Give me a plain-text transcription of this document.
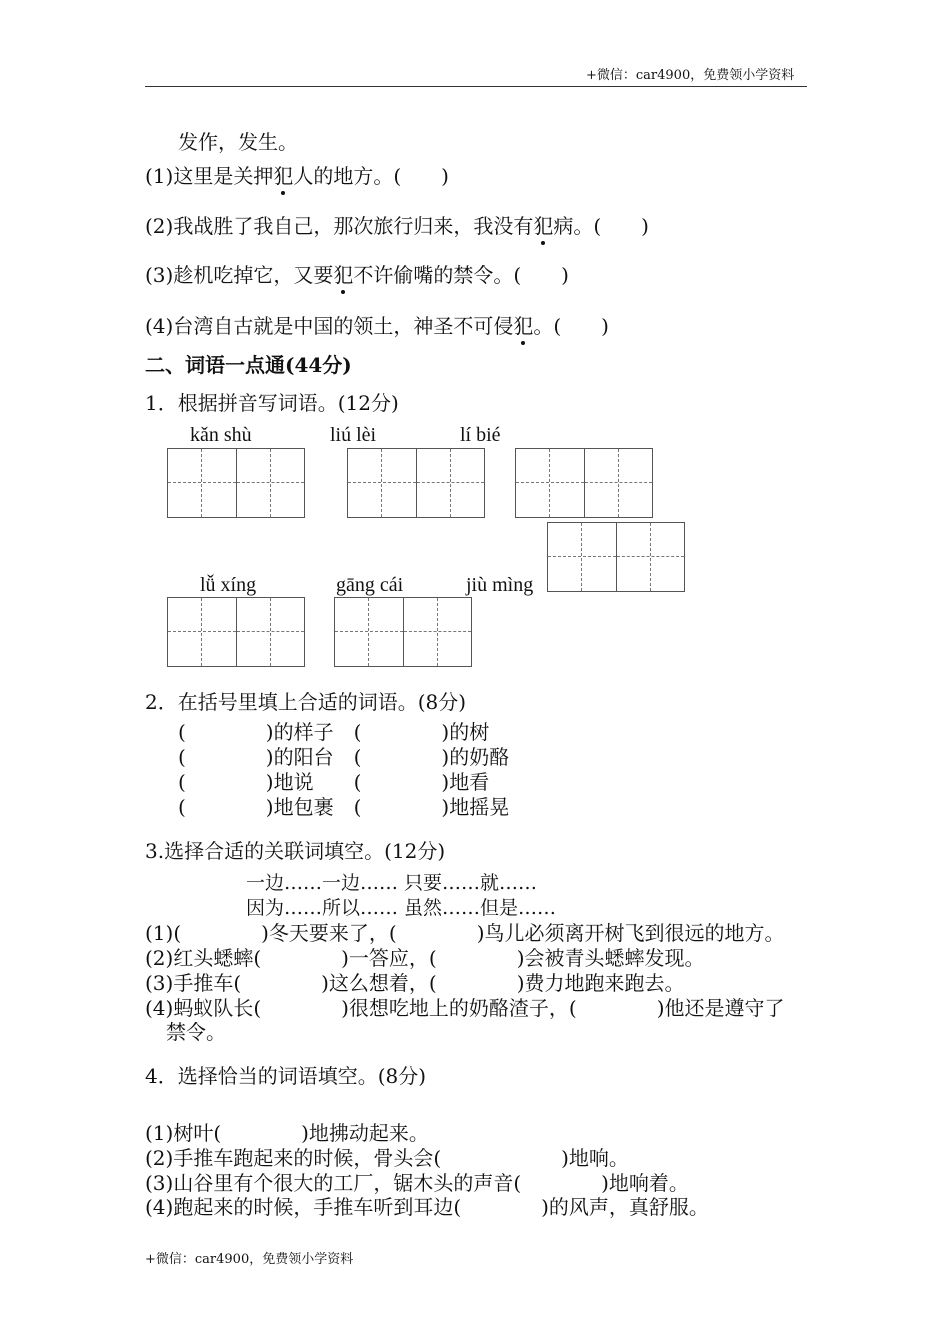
+微信：car4900，免费领小学资料
发作，发生。
(1)这里是关押犯人的地方。(　　)
(2)我战胜了我自己，那次旅行归来，我没有犯病。(　　)
(3)趁机吃掉它，又要犯不许偷嘴的禁令。(　　)
(4)台湾自古就是中国的领土，神圣不可侵犯。(　　)
二、词语一点通(44分)
1．根据拼音写词语。(12分)
kǎn shù	liú lèi	lí bié
lǚ xíng	gāng cái	jiù mìng
2．在括号里填上合适的词语。(8分)
(　　　　)的样子　(　　　　)的树
(　　　　)的阳台　(　　　　)的奶酪
(　　　　)地说　　(　　　　)地看
(　　　　)地包裹　(　　　　)地摇晃
3.选择合适的关联词填空。(12分)
一边……一边…… 只要……就……
因为……所以…… 虽然……但是……
(1)(　　　　)冬天要来了，(　　　　)鸟儿必须离开树飞到很远的地方。
(2)红头蟋蟀(　　　　)一答应，(　　　　)会被青头蟋蟀发现。
(3)手推车(　　　　)这么想着，(　　　　)费力地跑来跑去。
(4)蚂蚁队长(　　　　)很想吃地上的奶酪渣子，(　　　　)他还是遵守了
禁令。
4．选择恰当的词语填空。(8分)
(1)树叶(　　　　)地拂动起来。
(2)手推车跑起来的时候，骨头会(　　　　　　)地响。
(3)山谷里有个很大的工厂，锯木头的声音(　　　　)地响着。
(4)跑起来的时候，手推车听到耳边(　　　　)的风声，真舒服。
+微信：car4900，免费领小学资料
